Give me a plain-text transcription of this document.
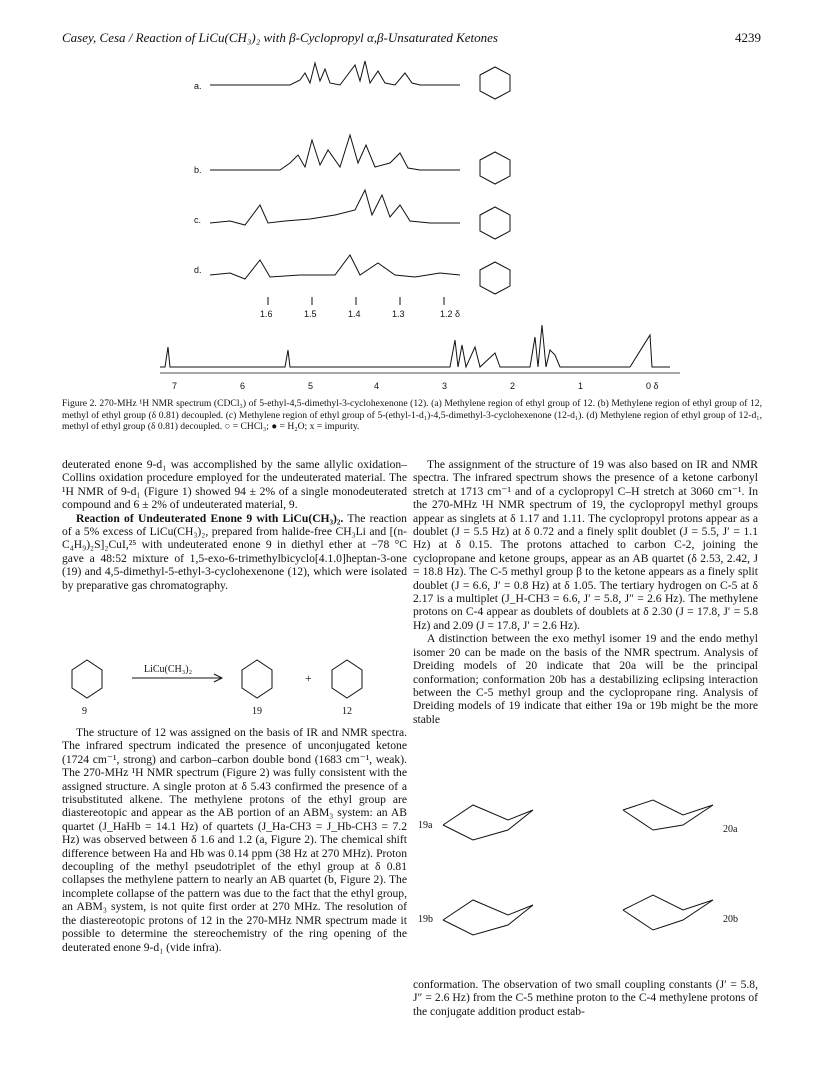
Casey, Cesa / Reaction of LiCu(CH₃)₂ with β-Cyclopropyl α,β-Unsaturated Ketones	4239
a.
b.
c.
d.
1.6	1.5	1.4	1.3	1.2 δ
7	6	5	4	3	2	1	0 δ
Figure 2. 270-MHz ¹H NMR spectrum (CDCl₃) of 5-ethyl-4,5-dimethyl-3-cyclohexenone (12). (a) Methylene region of ethyl group of 12. (b) Methylene region of ethyl group of 12, methyl of ethyl group (δ 0.81) decoupled. (c) Methylene region of ethyl group of 5-(ethyl-1-d₁)-4,5-dimethyl-3-cyclohexenone (12-d₁). (d) Methylene region of ethyl group of 12-d₁, methyl of ethyl group (δ 0.81) decoupled. ○ = CHCl₃; ● = H₂O; x = impurity.

deuterated enone 9-d₁ was accomplished by the same allylic oxidation–Collins oxidation procedure employed for the undeuterated material. The ¹H NMR of 9-d₁ (Figure 1) showed 94 ± 2% of a single monodeuterated compound and 6 ± 2% of undeuterated material, 9.

Reaction of Undeuterated Enone 9 with LiCu(CH₃)₂. The reaction of a 5% excess of LiCu(CH₃)₂, prepared from halide-free CH₃Li and [(n-C₄H₉)₂S]₂CuI,²⁵ with undeuterated enone 9 in diethyl ether at −78 °C gave a 48:52 mixture of 1,5-exo-6-trimethylbicyclo[4.1.0]heptan-3-one (19) and 4,5-dimethyl-5-ethyl-3-cyclohexenone (12), which were isolated by preparative gas chromatography.

LiCu(CH₃)₂
9	19
+
12

The structure of 12 was assigned on the basis of IR and NMR spectra. The infrared spectrum indicated the presence of unconjugated ketone (1724 cm⁻¹, strong) and carbon–carbon double bond (1683 cm⁻¹, weak). The 270-MHz ¹H NMR spectrum (Figure 2) was fully consistent with the assigned structure. A single proton at δ 5.43 confirmed the presence of a trisubstituted alkene. The methylene protons of the ethyl group are diastereotopic and appear as the AB portion of an ABM₃ system: an AB quartet (J_HaHb = 14.1 Hz) of quartets (J_Ha-CH3 = J_Hb-CH3 = 7.2 Hz) was observed between δ 1.6 and 1.2 (a, Figure 2). The chemical shift difference between Ha and Hb was 0.14 ppm (38 Hz at 270 MHz). Proton decoupling of the methyl pseudotriplet of the ethyl group at δ 0.81 collapses the methylene pattern to nearly an AB quartet (b, Figure 2). The incomplete collapse of the pattern was due to the fact that the ethyl group, an ABM₃ system, is not quite first order at 270 MHz. The resolution of the diastereotopic protons of 12 in the 270-MHz NMR spectrum made it possible to determine the stereochemistry of the ring opening of the deuterated enone 9-d₁ (vide infra).

The assignment of the structure of 19 was also based on IR and NMR spectra. The infrared spectrum shows the presence of a ketone carbonyl stretch at 1713 cm⁻¹ and of a cyclopropyl C–H stretch at 3060 cm⁻¹. In the 270-MHz ¹H NMR spectrum of 19, the cyclopropyl methyl groups appear as singlets at δ 1.17 and 1.11. The cyclopropyl protons appear as a doublet (J = 5.5 Hz) at δ 0.72 and a finely split doublet (J = 5.5, J′ = 1.1 Hz) at δ 0.15. The protons attached to carbon C-2, joining the cyclopropane and ketone groups, appear as an AB quartet (δ 2.53, 2.42, J = 18.8 Hz). The C-5 methyl group β to the ketone appears as a finely split doublet (J = 6.6, J′ = 0.8 Hz) at δ 1.05. The tertiary hydrogen on C-5 at δ 2.17 is a multiplet (J_H-CH3 = 6.6, J′ = 5.8, J″ = 2.6 Hz). The methylene protons on C-4 appear as doublets of doublets at δ 2.30 (J = 17.8, J′ = 5.8 Hz) and 2.09 (J = 17.8, J′ = 2.6 Hz).

A distinction between the exo methyl isomer 19 and the endo methyl isomer 20 can be made on the basis of the NMR spectrum. Analysis of Dreiding models of 20 indicate that 20a will be the principal conformation; conformation 20b has a destabilizing eclipsing interaction between the C-5 methyl group and the cyclopropane ring. Analysis of Dreiding models of 19 indicate that either 19a or 19b might be the more stable

19a	20a
19b	20b

conformation. The observation of two small coupling constants (J′ = 5.8, J″ = 2.6 Hz) from the C-5 methine proton to the C-4 methylene protons of the conjugate addition product estab-
